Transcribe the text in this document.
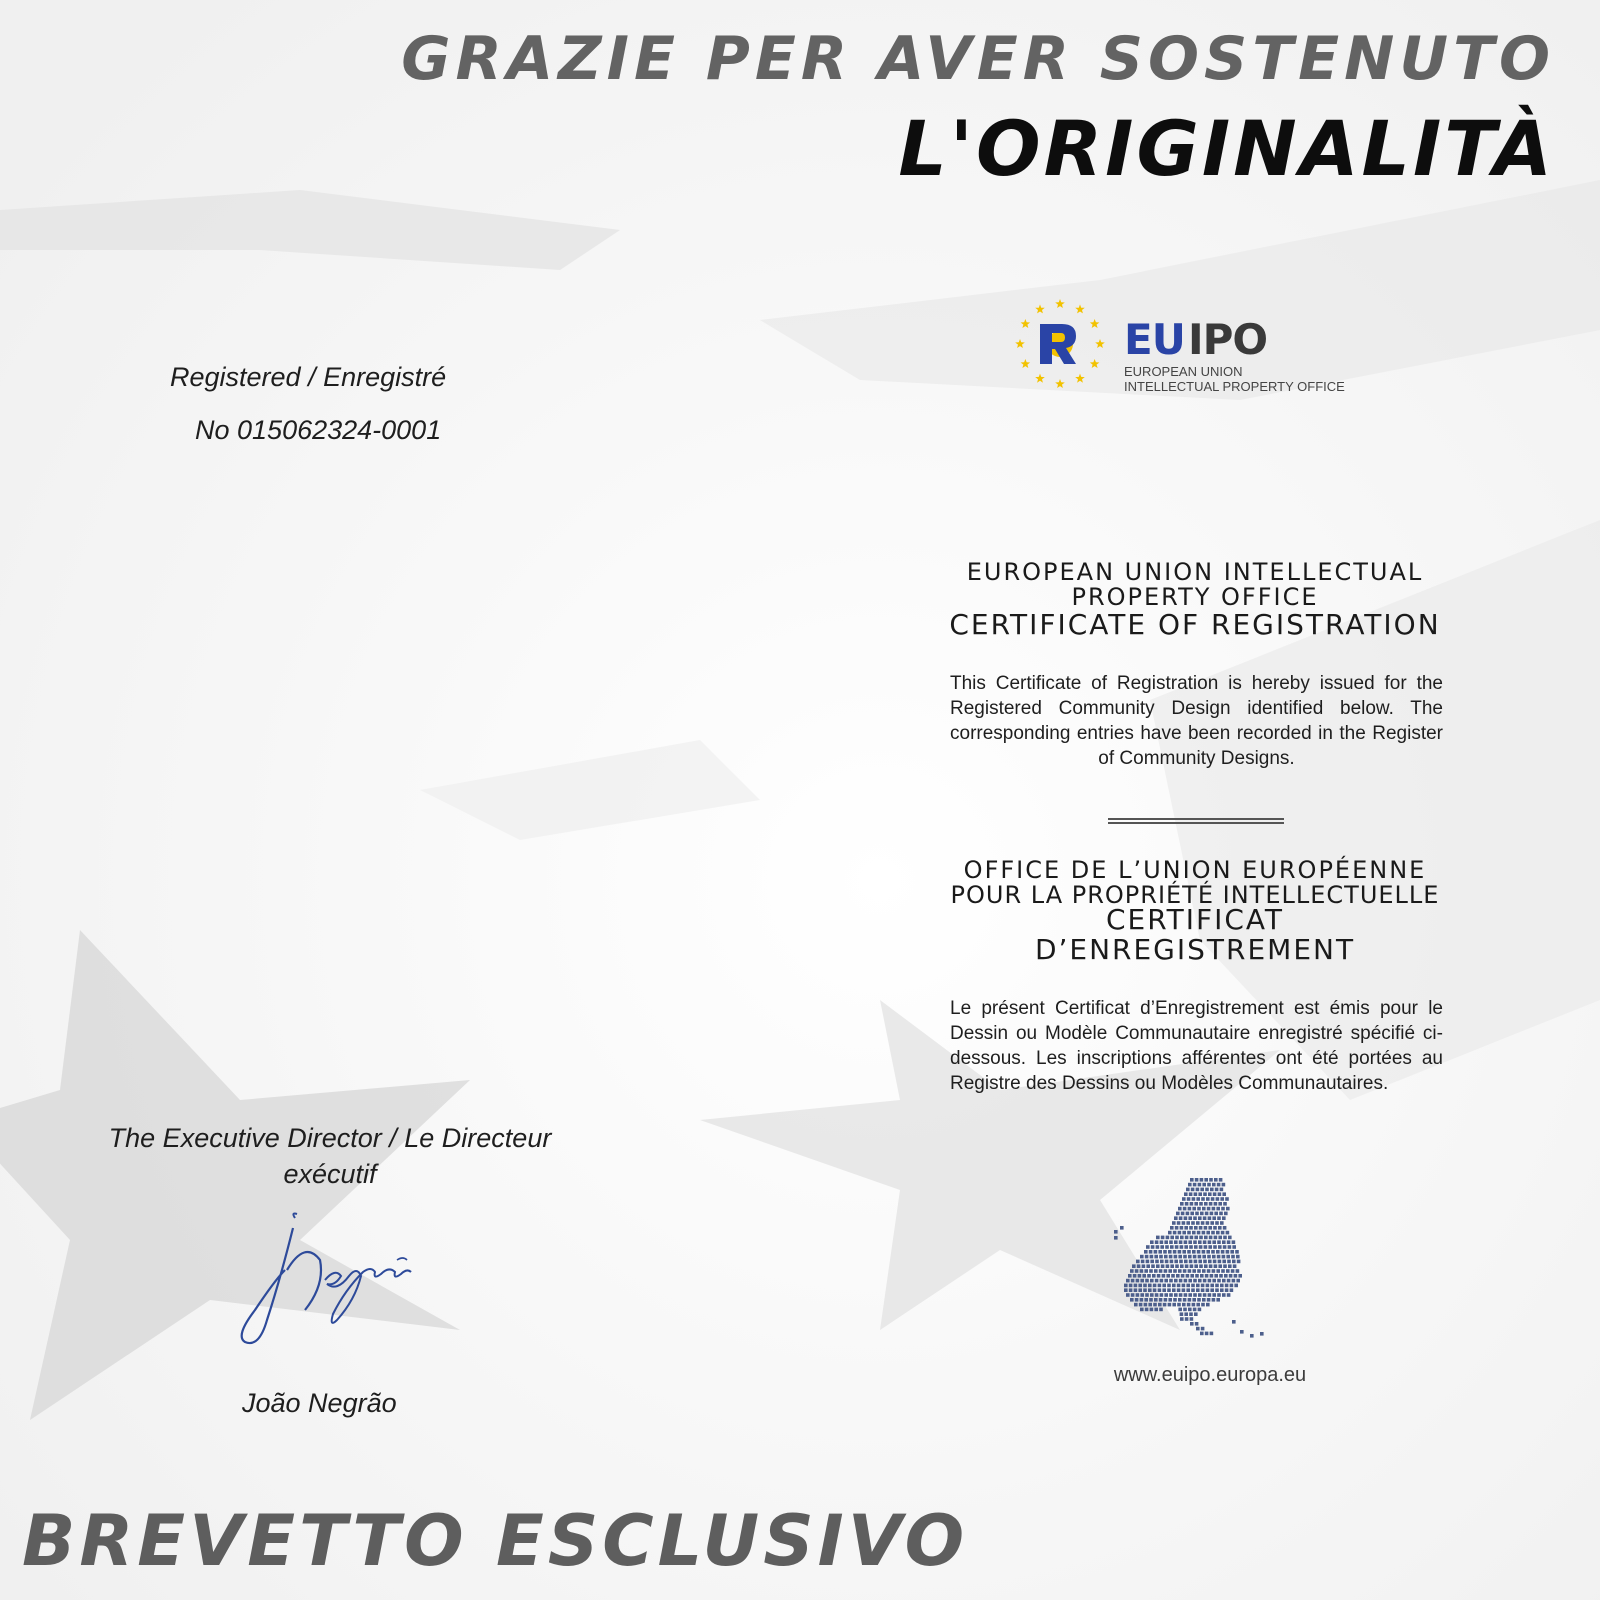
GRAZIE PER AVER SOSTENUTO
L'ORIGINALITÀ
BREVETTO ESCLUSIVO
Registered / Enregistré
No 015062324-0001
EU IPO
EUROPEAN UNION
INTELLECTUAL PROPERTY OFFICE
EUROPEAN UNION INTELLECTUAL
PROPERTY OFFICE
CERTIFICATE OF REGISTRATION

This Certificate of Registration is hereby issued for the Registered Community Design identified below. The corresponding entries have been recorded in the Register of Community Designs.

OFFICE DE L’UNION EUROPÉENNE
POUR LA PROPRIÉTÉ INTELLECTUELLE
CERTIFICAT
D’ENREGISTREMENT

Le présent Certificat d’Enregistrement est émis pour le Dessin ou Modèle Communautaire enregistré spécifié ci-dessous. Les inscriptions afférentes ont été portées au Registre des Dessins ou Modèles Communautaires.

The Executive Director / Le Directeur exécutif
João Negrão
www.euipo.europa.eu
